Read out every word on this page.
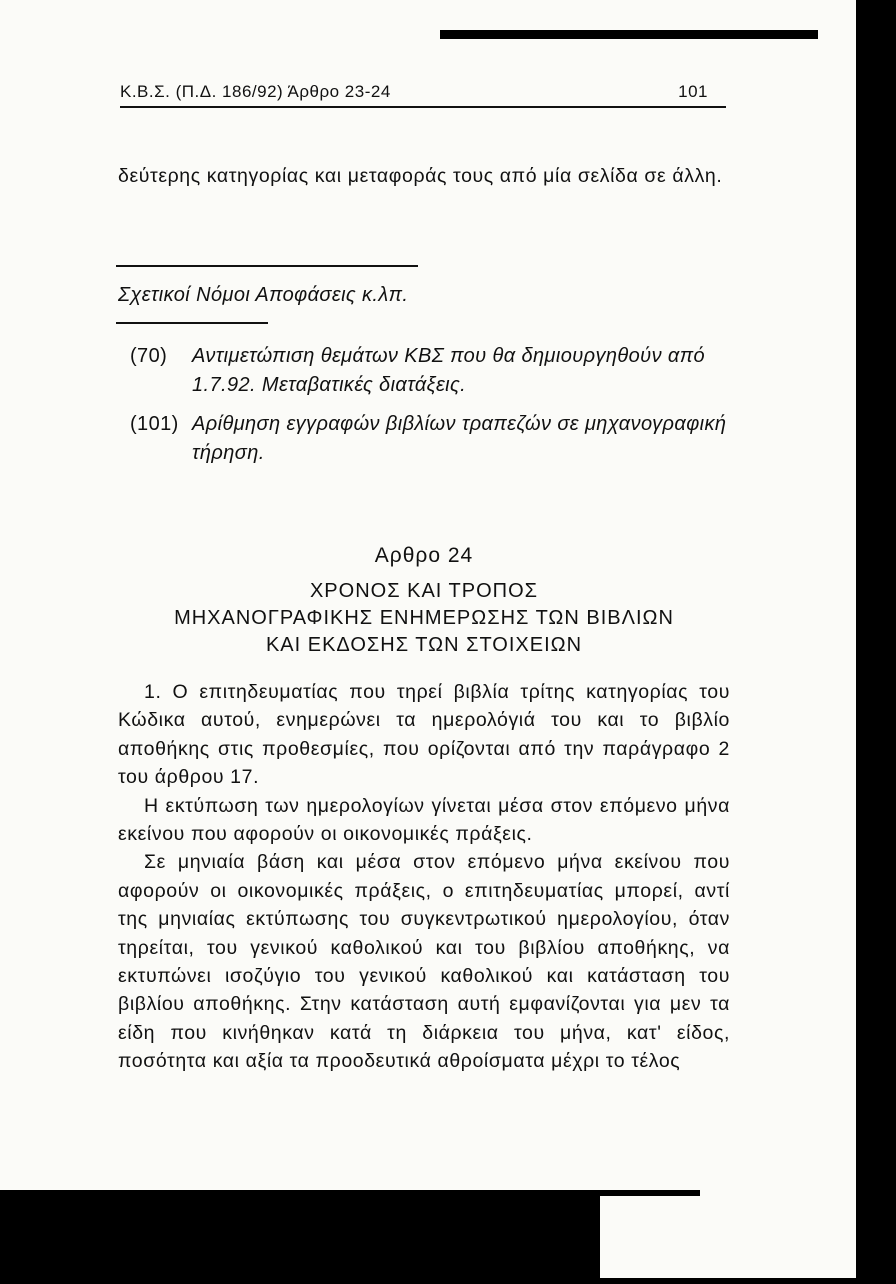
Κ.Β.Σ. (Π.Δ. 186/92) Άρθρο 23-24	101
δεύτερης κατηγορίας και μεταφοράς τους από μία σελίδα σε άλλη.
Σχετικοί Νόμοι Αποφάσεις κ.λπ.
(70)	Αντιμετώπιση θεμάτων ΚΒΣ που θα δημιουργηθούν από 1.7.92. Μεταβατικές διατάξεις.
(101) Αρίθμηση εγγραφών βιβλίων τραπεζών σε μηχανογραφική τήρηση.
Αρθρο 24
ΧΡΟΝΟΣ ΚΑΙ ΤΡΟΠΟΣ
ΜΗΧΑΝΟΓΡΑΦΙΚΗΣ ΕΝΗΜΕΡΩΣΗΣ ΤΩΝ ΒΙΒΛΙΩΝ
ΚΑΙ ΕΚΔΟΣΗΣ ΤΩΝ ΣΤΟΙΧΕΙΩΝ

1. Ο επιτηδευματίας που τηρεί βιβλία τρίτης κατηγορίας του Κώδικα αυτού, ενημερώνει τα ημερολόγιά του και το βιβλίο αποθήκης στις προθεσμίες, που ορίζονται από την παράγραφο 2 του άρθρου 17.

Η εκτύπωση των ημερολογίων γίνεται μέσα στον επόμενο μήνα εκείνου που αφορούν οι οικονομικές πράξεις.

Σε μηνιαία βάση και μέσα στον επόμενο μήνα εκείνου που αφορούν οι οικονομικές πράξεις, ο επιτηδευματίας μπορεί, αντί της μηνιαίας εκτύπωσης του συγκεντρωτικού ημερολογίου, όταν τηρείται, του γενικού καθολικού και του βιβλίου αποθήκης, να εκτυπώνει ισοζύγιο του γενικού καθολικού και κατάσταση του βιβλίου αποθήκης. Στην κατάσταση αυτή εμφανίζονται για μεν τα είδη που κινήθηκαν κατά τη διάρκεια του μήνα, κατ' είδος, ποσότητα και αξία τα προοδευτικά αθροίσματα μέχρι το τέλος
